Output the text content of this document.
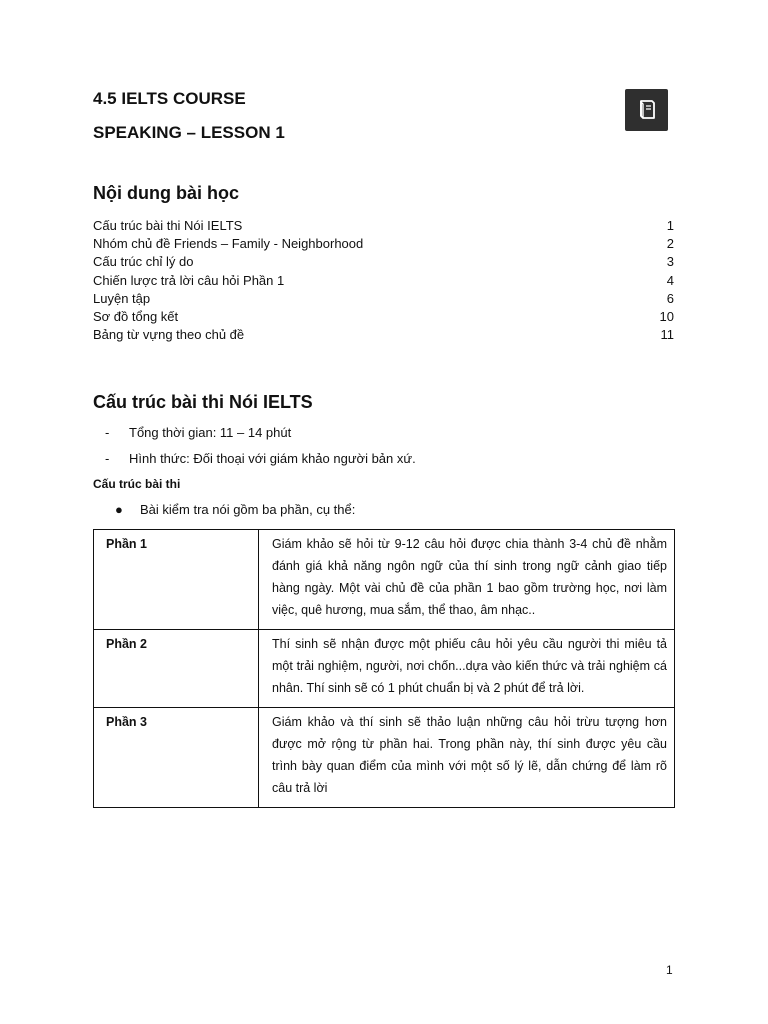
4.5 IELTS COURSE
SPEAKING – LESSON 1
Nội dung bài học
Cấu trúc bài thi Nói IELTS	1
Nhóm chủ đề Friends – Family - Neighborhood	2
Cấu trúc chỉ lý do	3
Chiến lược trả lời câu hỏi Phần 1	4
Luyện tập	6
Sơ đồ tổng kết	10
Bảng từ vựng theo chủ đề	11
Cấu trúc bài thi Nói IELTS
-	Tổng thời gian: 11 – 14 phút
-	Hình thức: Đối thoại với giám khảo người bản xứ.
Cấu trúc bài thi
●	Bài kiểm tra nói gồm ba phần, cụ thể:
Phần 1	Giám khảo sẽ hỏi từ 9-12 câu hỏi được chia thành 3-4 chủ đề nhằm đánh giá khả năng ngôn ngữ của thí sinh trong ngữ cảnh giao tiếp hàng ngày. Một vài chủ đề của phần 1 bao gồm trường học, nơi làm việc, quê hương, mua sắm, thể thao, âm nhạc..
Phần 2	Thí sinh sẽ nhận được một phiếu câu hỏi yêu cầu người thi miêu tả một trải nghiệm, người, nơi chốn...dựa vào kiến thức và trải nghiệm cá nhân. Thí sinh sẽ có 1 phút chuẩn bị và 2 phút để trả lời.
Phần 3	Giám khảo và thí sinh sẽ thảo luận những câu hỏi trừu tượng hơn được mở rộng từ phần hai. Trong phần này, thí sinh được yêu cầu trình bày quan điểm của mình với một số lý lẽ, dẫn chứng để làm rõ câu trả lời
1
